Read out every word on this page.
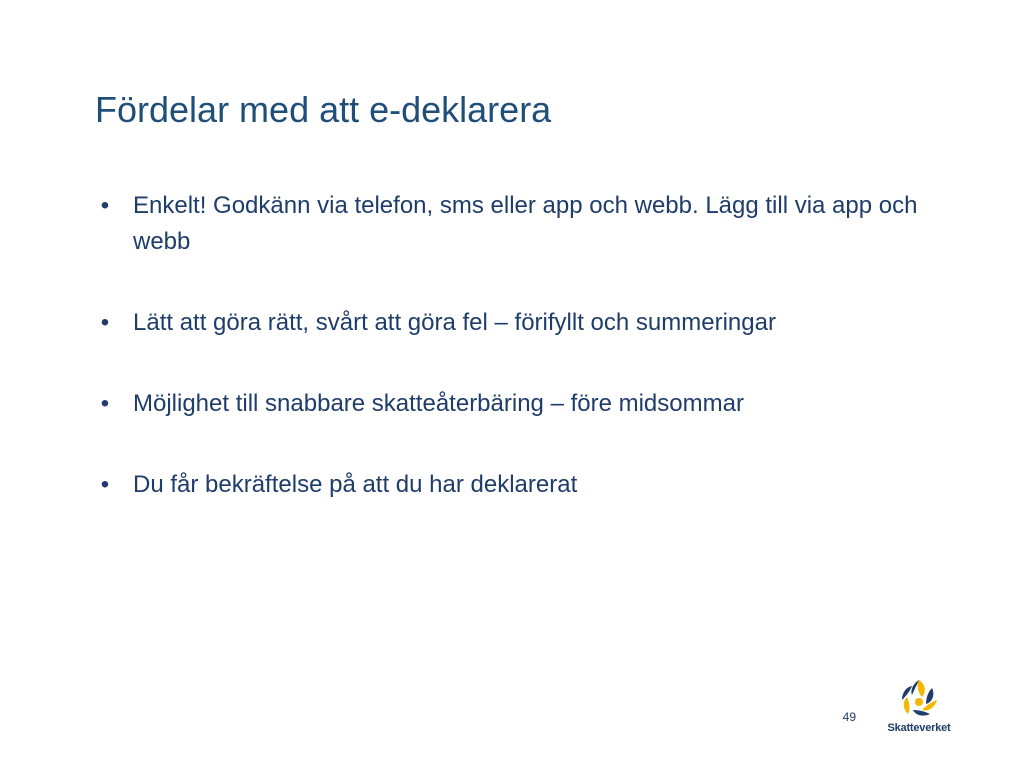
Fördelar med att e-deklarera
• Enkelt! Godkänn via telefon, sms eller app och webb. Lägg till via app och webb
• Lätt att göra rätt, svårt att göra fel – förifyllt och summeringar
• Möjlighet till snabbare skatteåterbäring – före midsommar
• Du får bekräftelse på att du har deklarerat
49
Skatteverket
